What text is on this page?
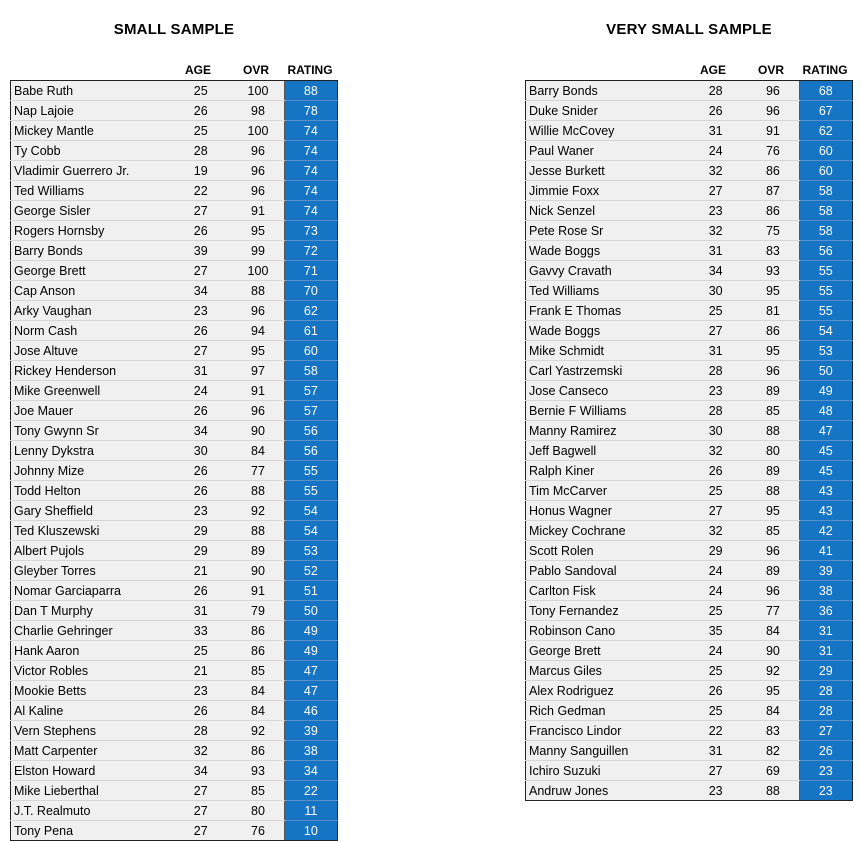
SMALL SAMPLE
AGE	OVR	RATING
Babe Ruth	25		100		88
Nap Lajoie	26		98		78
Mickey Mantle	25		100		74
Ty Cobb	28		96		74
Vladimir Guerrero Jr.	19		96		74
Ted Williams	22		96		74
George Sisler	27		91		74
Rogers Hornsby	26		95		73
Barry Bonds	39		99		72
George Brett	27		100		71
Cap Anson	34		88		70
Arky Vaughan	23		96		62
Norm Cash	26		94		61
Jose Altuve	27		95		60
Rickey Henderson	31		97		58
Mike Greenwell	24		91		57
Joe Mauer	26		96		57
Tony Gwynn Sr	34		90		56
Lenny Dykstra	30		84		56
Johnny Mize	26		77		55
Todd Helton	26		88		55
Gary Sheffield	23		92		54
Ted Kluszewski	29		88		54
Albert Pujols	29		89		53
Gleyber Torres	21		90		52
Nomar Garciaparra	26		91		51
Dan T Murphy	31		79		50
Charlie Gehringer	33		86		49
Hank Aaron	25		86		49
Victor Robles	21		85		47
Mookie Betts	23		84		47
Al Kaline	26		84		46
Vern Stephens	28		92		39
Matt Carpenter	32		86		38
Elston Howard	34		93		34
Mike Lieberthal	27		85		22
J.T. Realmuto	27		80		11
Tony Pena	27		76		10
VERY SMALL SAMPLE
AGE	OVR	RATING
Barry Bonds	28		96		68
Duke Snider	26		96		67
Willie McCovey	31		91		62
Paul Waner	24		76		60
Jesse Burkett	32		86		60
Jimmie Foxx	27		87		58
Nick Senzel	23		86		58
Pete Rose Sr	32		75		58
Wade Boggs	31		83		56
Gavvy Cravath	34		93		55
Ted Williams	30		95		55
Frank E Thomas	25		81		55
Wade Boggs	27		86		54
Mike Schmidt	31		95		53
Carl Yastrzemski	28		96		50
Jose Canseco	23		89		49
Bernie F Williams	28		85		48
Manny Ramirez	30		88		47
Jeff Bagwell	32		80		45
Ralph Kiner	26		89		45
Tim McCarver	25		88		43
Honus Wagner	27		95		43
Mickey Cochrane	32		85		42
Scott Rolen	29		96		41
Pablo Sandoval	24		89		39
Carlton Fisk	24		96		38
Tony Fernandez	25		77		36
Robinson Cano	35		84		31
George Brett	24		90		31
Marcus Giles	25		92		29
Alex Rodriguez	26		95		28
Rich Gedman	25		84		28
Francisco Lindor	22		83		27
Manny Sanguillen	31		82		26
Ichiro Suzuki	27		69		23
Andruw Jones	23		88		23
